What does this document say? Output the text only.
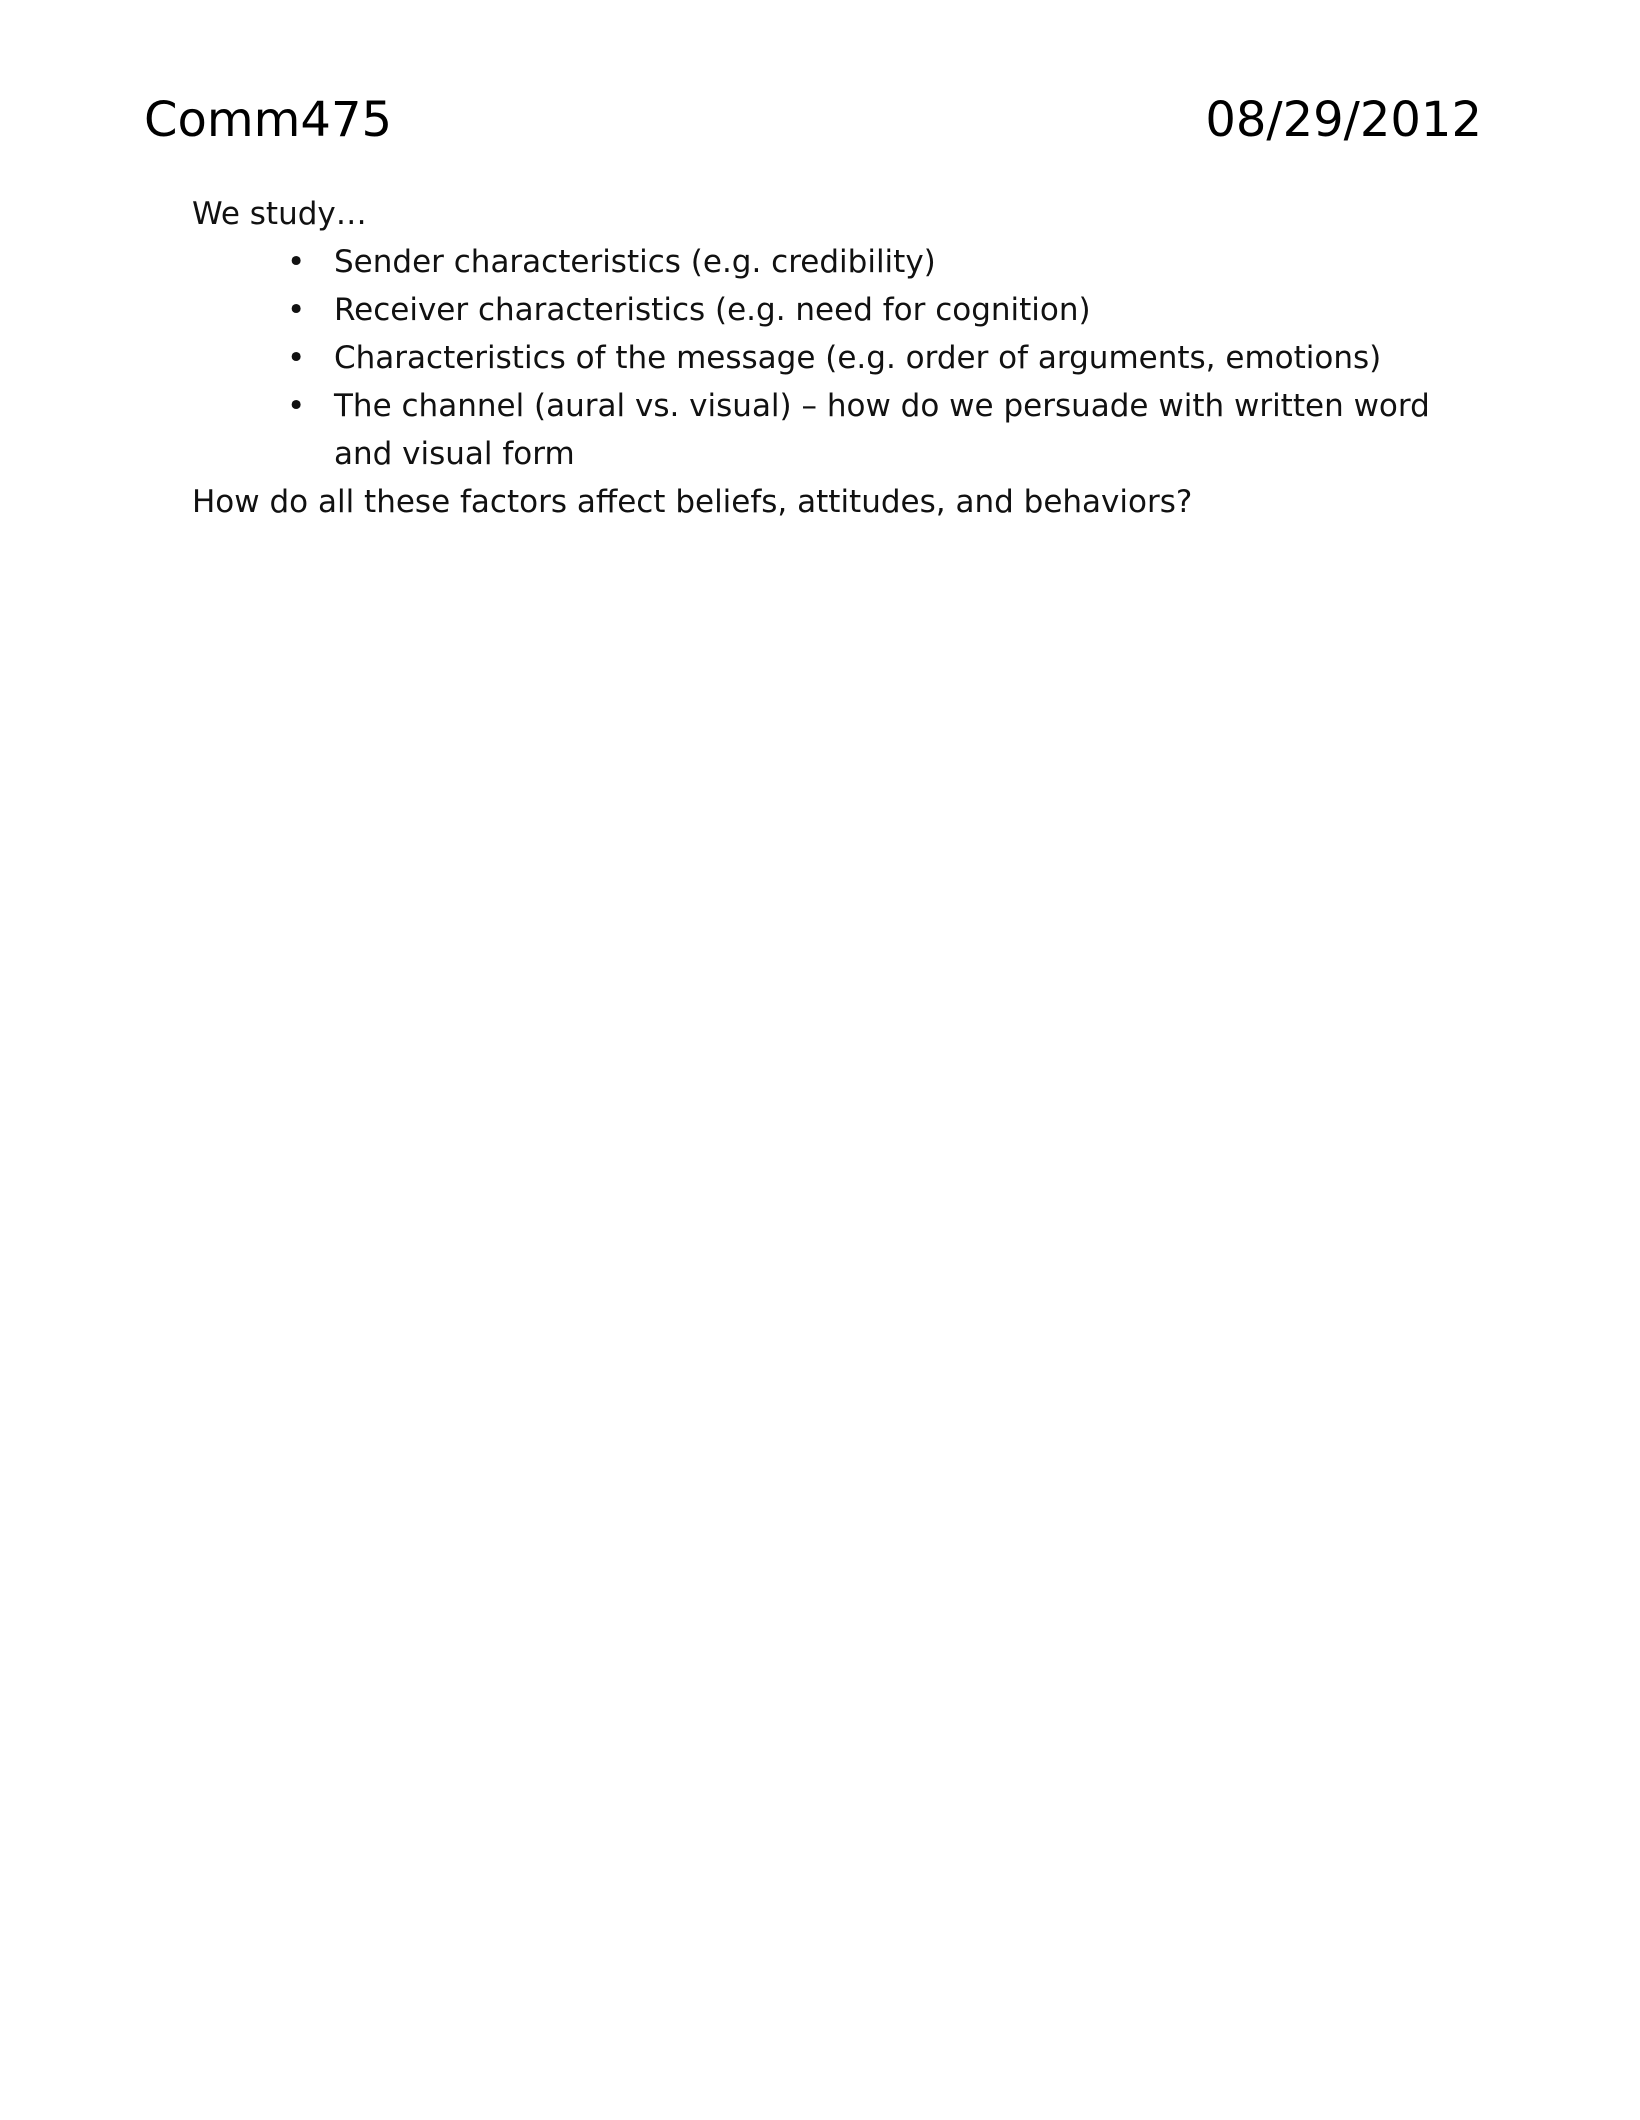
Comm475	08/29/2012

We study…

• Sender characteristics (e.g. credibility)
• Receiver characteristics (e.g. need for cognition)
• Characteristics of the message (e.g. order of arguments, emotions)
• The channel (aural vs. visual) – how do we persuade with written word and visual form

How do all these factors affect beliefs, attitudes, and behaviors?
